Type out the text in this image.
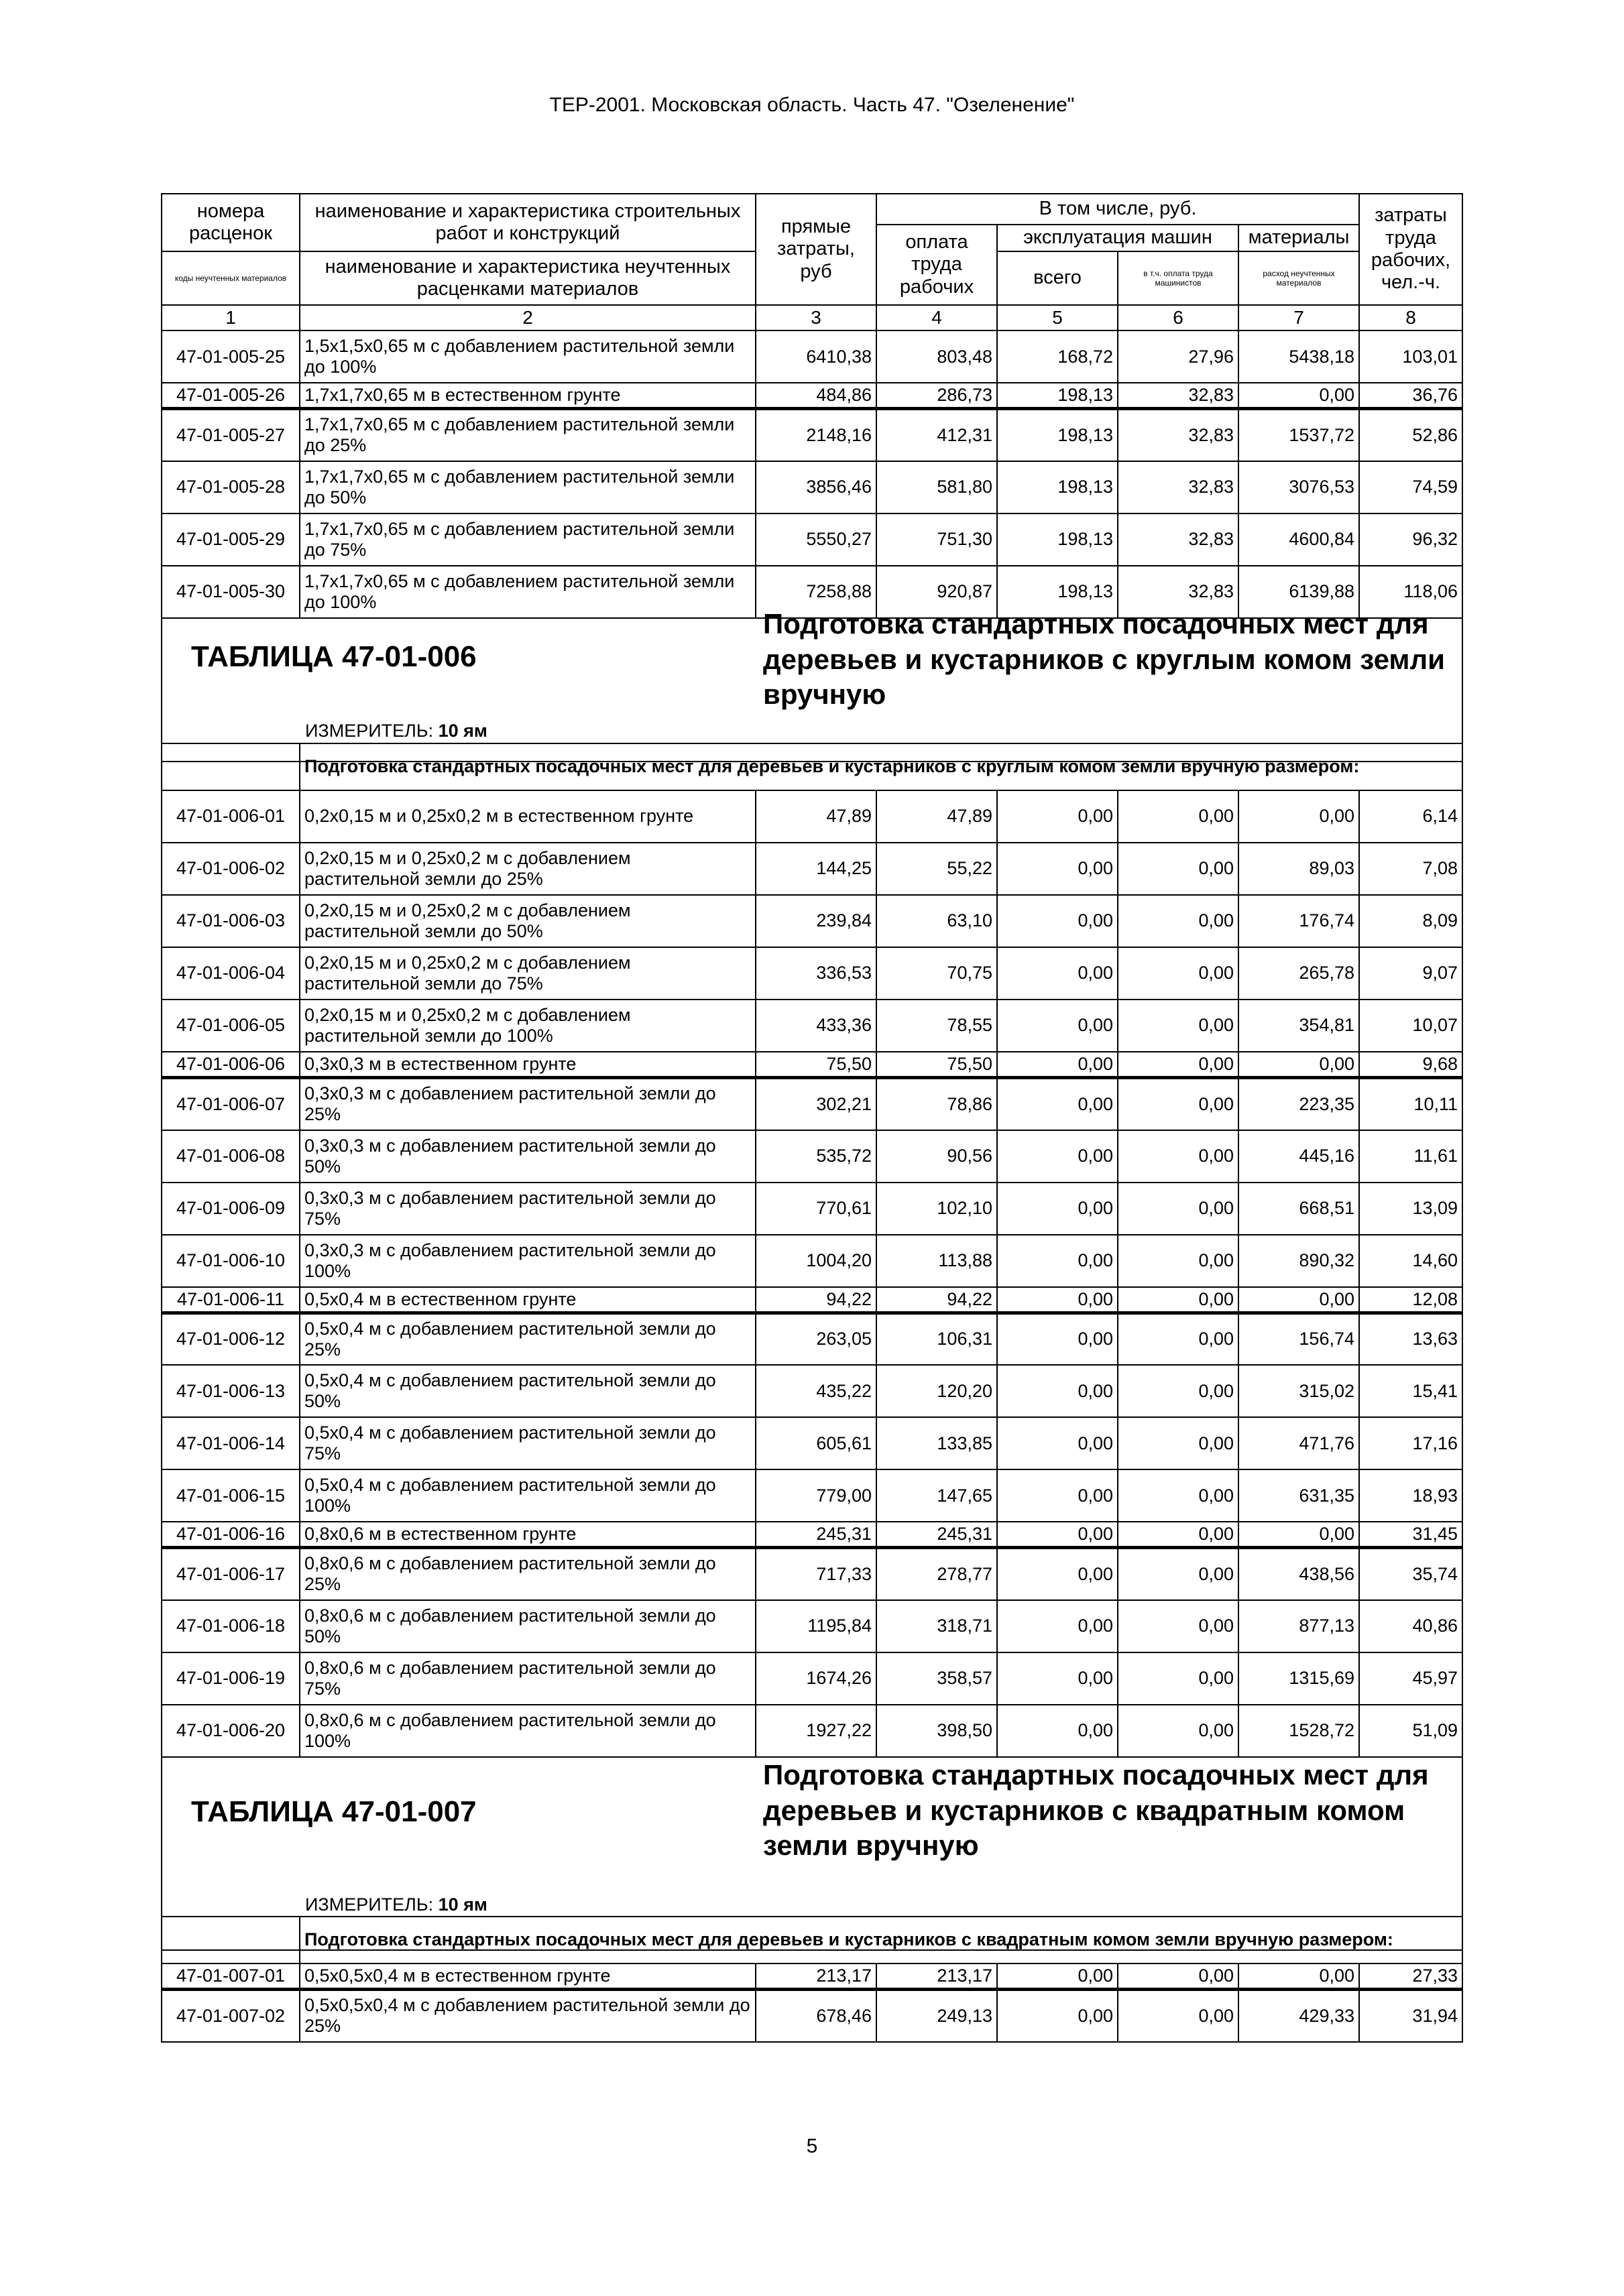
ТЕР-2001. Московская область. Часть 47. "Озеленение"
номера расценок	наименование и характеристика строительных работ и конструкций	прямые затраты, руб	В том числе, руб.				затраты труда рабочих, чел.-ч.
			оплата труда рабочих	эксплуатация машин		материалы	
коды неучтенных материалов	наименование и характеристика неучтенных расценками материалов			всего	в т.ч. оплата труда машинистов	расход неучтенных материалов	

1	2	3	4	5	6	7	8
47-01-005-25	1,5x1,5x0,65 м с добавлением растительной земли до 100%	6410,38	803,48	168,72	27,96	5438,18	103,01
47-01-005-26	1,7x1,7x0,65 м в естественном грунте	484,86	286,73	198,13	32,83	0,00	36,76
47-01-005-27	1,7x1,7x0,65 м с добавлением растительной земли до 25%	2148,16	412,31	198,13	32,83	1537,72	52,86
47-01-005-28	1,7x1,7x0,65 м с добавлением растительной земли до 50%	3856,46	581,80	198,13	32,83	3076,53	74,59
47-01-005-29	1,7x1,7x0,65 м с добавлением растительной земли до 75%	5550,27	751,30	198,13	32,83	4600,84	96,32
47-01-005-30	1,7x1,7x0,65 м с добавлением растительной земли до 100%	7258,88	920,87	198,13	32,83	6139,88	118,06

ТАБЛИЦА 47-01-006
Подготовка стандартных посадочных мест для деревьев и кустарников с круглым комом земли вручную
ИЗМЕРИТЕЛЬ: 10 ям
	Подготовка стандартных посадочных мест для деревьев и кустарников с круглым комом земли вручную размером:						
47-01-006-01	0,2x0,15 м и 0,25x0,2 м в естественном грунте	47,89	47,89	0,00	0,00	0,00	6,14
47-01-006-02	0,2x0,15 м и 0,25x0,2 м с добавлением растительной земли до 25%	144,25	55,22	0,00	0,00	89,03	7,08
47-01-006-03	0,2x0,15 м и 0,25x0,2 м с добавлением растительной земли до 50%	239,84	63,10	0,00	0,00	176,74	8,09
47-01-006-04	0,2x0,15 м и 0,25x0,2 м с добавлением растительной земли до 75%	336,53	70,75	0,00	0,00	265,78	9,07
47-01-006-05	0,2x0,15 м и 0,25x0,2 м с добавлением растительной земли до 100%	433,36	78,55	0,00	0,00	354,81	10,07
47-01-006-06	0,3x0,3 м в естественном грунте	75,50	75,50	0,00	0,00	0,00	9,68
47-01-006-07	0,3x0,3 м с добавлением растительной земли до 25%	302,21	78,86	0,00	0,00	223,35	10,11
47-01-006-08	0,3x0,3 м с добавлением растительной земли до 50%	535,72	90,56	0,00	0,00	445,16	11,61
47-01-006-09	0,3x0,3 м с добавлением растительной земли до 75%	770,61	102,10	0,00	0,00	668,51	13,09
47-01-006-10	0,3x0,3 м с добавлением растительной земли до 100%	1004,20	113,88	0,00	0,00	890,32	14,60
47-01-006-11	0,5x0,4 м в естественном грунте	94,22	94,22	0,00	0,00	0,00	12,08
47-01-006-12	0,5x0,4 м с добавлением растительной земли до 25%	263,05	106,31	0,00	0,00	156,74	13,63
47-01-006-13	0,5x0,4 м с добавлением растительной земли до 50%	435,22	120,20	0,00	0,00	315,02	15,41
47-01-006-14	0,5x0,4 м с добавлением растительной земли до 75%	605,61	133,85	0,00	0,00	471,76	17,16
47-01-006-15	0,5x0,4 м с добавлением растительной земли до 100%	779,00	147,65	0,00	0,00	631,35	18,93
47-01-006-16	0,8x0,6 м в естественном грунте	245,31	245,31	0,00	0,00	0,00	31,45
47-01-006-17	0,8x0,6 м с добавлением растительной земли до 25%	717,33	278,77	0,00	0,00	438,56	35,74
47-01-006-18	0,8x0,6 м с добавлением растительной земли до 50%	1195,84	318,71	0,00	0,00	877,13	40,86
47-01-006-19	0,8x0,6 м с добавлением растительной земли до 75%	1674,26	358,57	0,00	0,00	1315,69	45,97
47-01-006-20	0,8x0,6 м с добавлением растительной земли до 100%	1927,22	398,50	0,00	0,00	1528,72	51,09

ТАБЛИЦА 47-01-007
Подготовка стандартных посадочных мест для деревьев и кустарников с квадратным комом земли вручную
ИЗМЕРИТЕЛЬ: 10 ям
	Подготовка стандартных посадочных мест для деревьев и кустарников с квадратным комом земли вручную размером:						
47-01-007-01	0,5x0,5x0,4 м в естественном грунте	213,17	213,17	0,00	0,00	0,00	27,33
47-01-007-02	0,5x0,5x0,4 м с добавлением растительной земли до 25%	678,46	249,13	0,00	0,00	429,33	31,94
5
